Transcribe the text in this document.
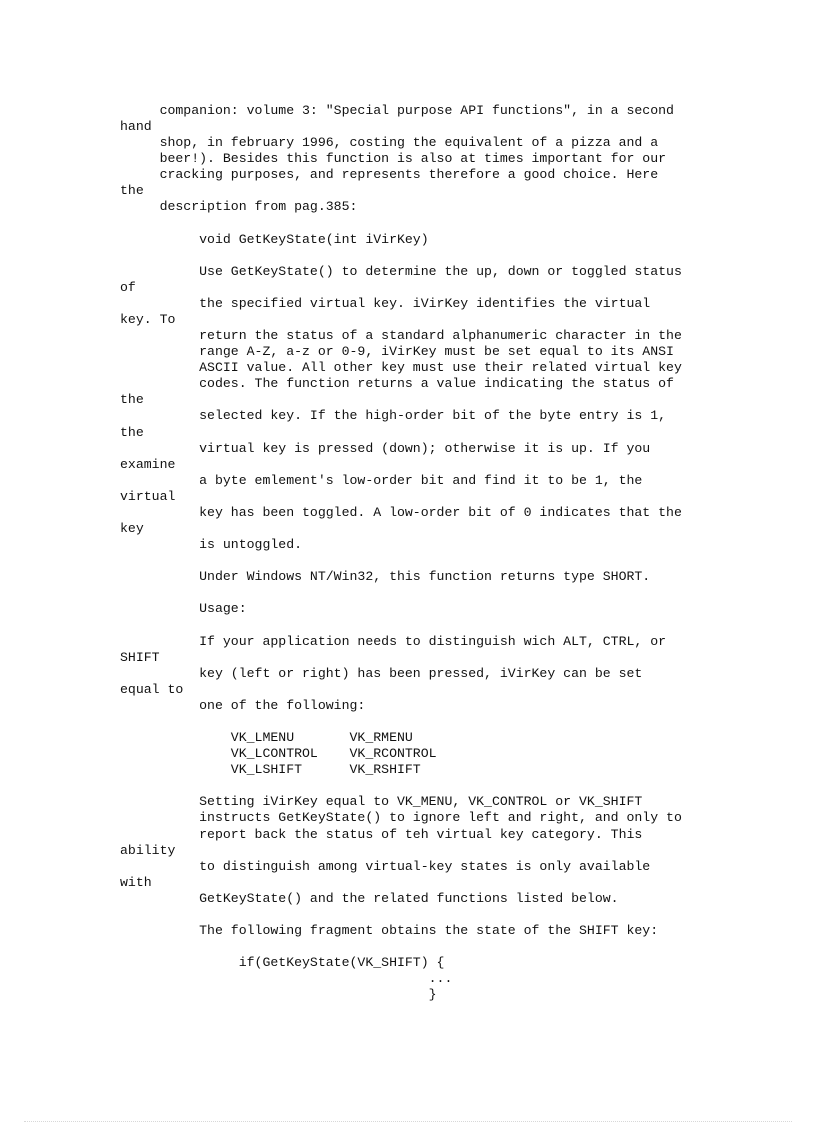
companion: volume 3: "Special purpose API functions", in a second
hand
shop, in february 1996, costing the equivalent of a pizza and a
beer!). Besides this function is also at times important for our
cracking purposes, and represents therefore a good choice. Here
the
description from pag.385:

void GetKeyState(int iVirKey)

Use GetKeyState() to determine the up, down or toggled status
of
the specified virtual key. iVirKey identifies the virtual
key. To
return the status of a standard alphanumeric character in the
range A-Z, a-z or 0-9, iVirKey must be set equal to its ANSI
ASCII value. All other key must use their related virtual key
codes. The function returns a value indicating the status of
the
selected key. If the high-order bit of the byte entry is 1,
the
virtual key is pressed (down); otherwise it is up. If you
examine
a byte emlement's low-order bit and find it to be 1, the
virtual
key has been toggled. A low-order bit of 0 indicates that the
key
is untoggled.

Under Windows NT/Win32, this function returns type SHORT.

Usage:

If your application needs to distinguish wich ALT, CTRL, or
SHIFT
key (left or right) has been pressed, iVirKey can be set
equal to
one of the following:

VK_LMENU       VK_RMENU
VK_LCONTROL    VK_RCONTROL
VK_LSHIFT      VK_RSHIFT

Setting iVirKey equal to VK_MENU, VK_CONTROL or VK_SHIFT
instructs GetKeyState() to ignore left and right, and only to
report back the status of teh virtual key category. This
ability
to distinguish among virtual-key states is only available
with
GetKeyState() and the related functions listed below.

The following fragment obtains the state of the SHIFT key:

if(GetKeyState(VK_SHIFT) {
...
}
